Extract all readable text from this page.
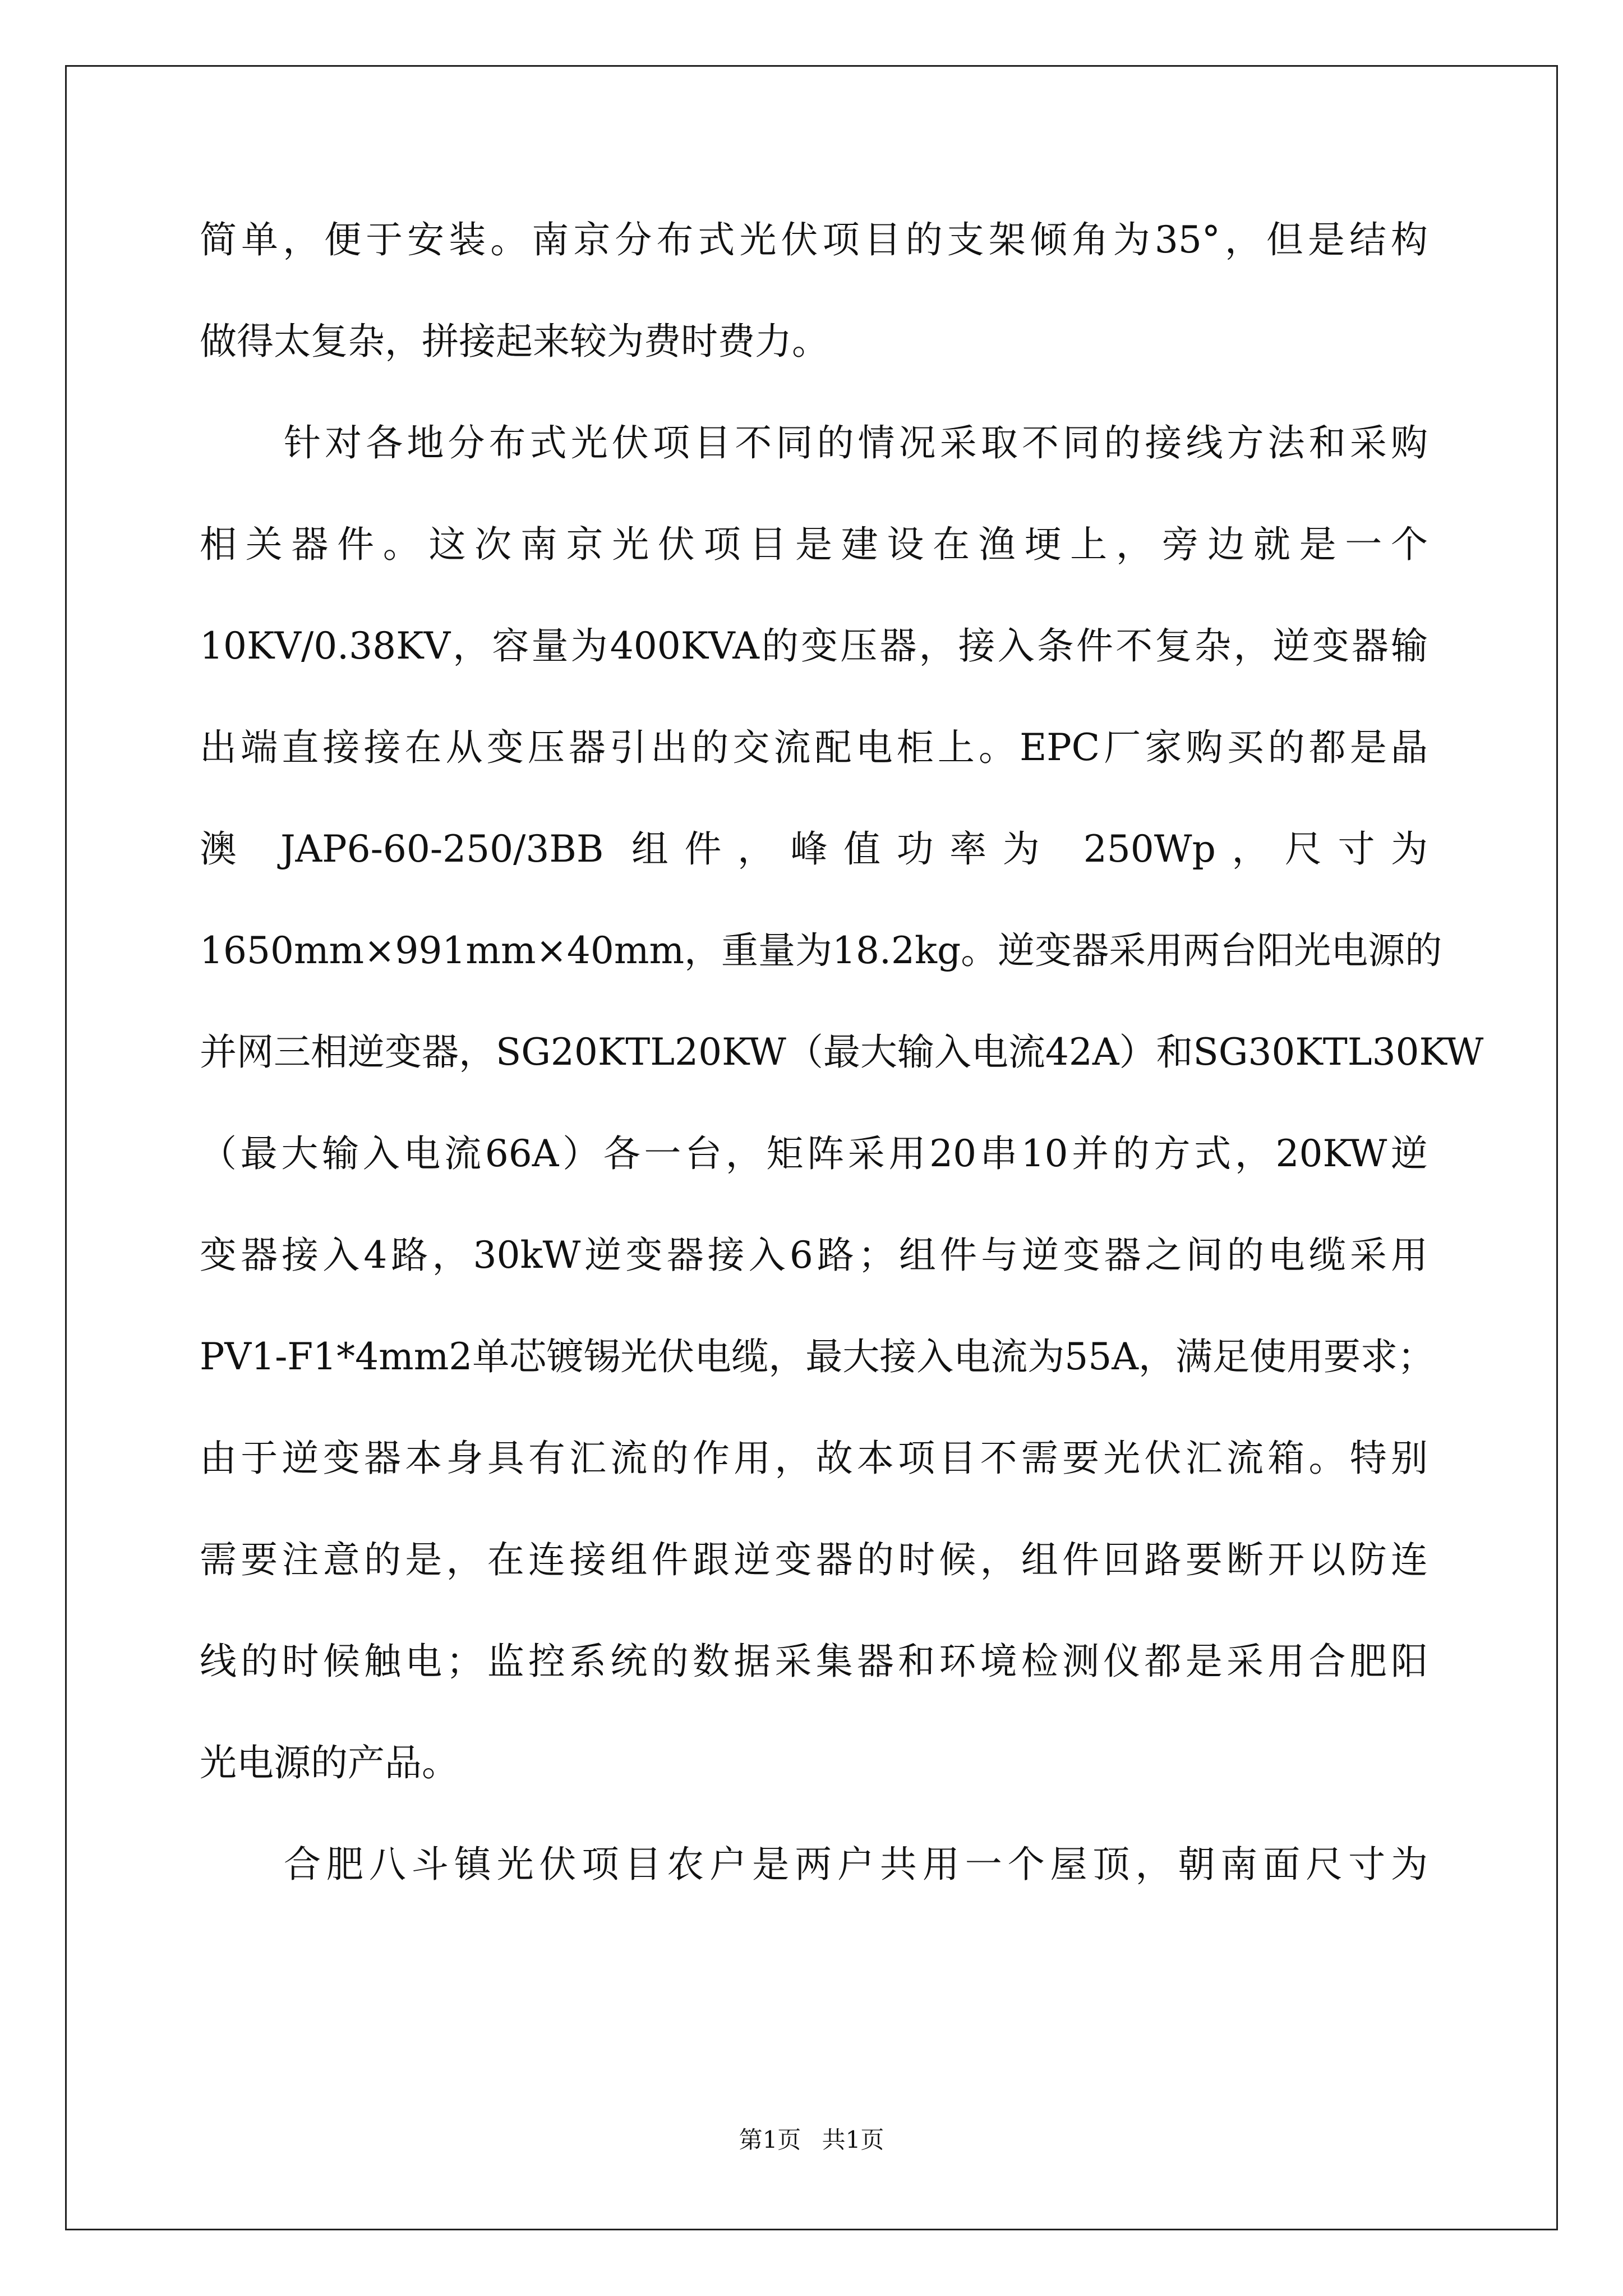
简单，便于安装。南京分布式光伏项目的支架倾角为35°，但是结构
做得太复杂，拼接起来较为费时费力。
针对各地分布式光伏项目不同的情况采取不同的接线方法和采购
相关器件。这次南京光伏项目是建设在渔埂上，旁边就是一个
10KV/0.38KV，容量为400KVA的变压器，接入条件不复杂，逆变器输
出端直接接在从变压器引出的交流配电柜上。EPC厂家购买的都是晶
澳 JAP6-60-250/3BB 组件，峰值功率为 250Wp，尺寸为
1650mm×991mm×40mm，重量为18.2kg。逆变器采用两台阳光电源的
并网三相逆变器，SG20KTL20KW（最大输入电流42A）和SG30KTL30KW
（最大输入电流66A）各一台，矩阵采用20串10并的方式，20KW逆
变器接入4路，30kW逆变器接入6路；组件与逆变器之间的电缆采用
PV1-F1*4mm2单芯镀锡光伏电缆，最大接入电流为55A，满足使用要求；
由于逆变器本身具有汇流的作用，故本项目不需要光伏汇流箱。特别
需要注意的是，在连接组件跟逆变器的时候，组件回路要断开以防连
线的时候触电；监控系统的数据采集器和环境检测仪都是采用合肥阳
光电源的产品。
合肥八斗镇光伏项目农户是两户共用一个屋顶，朝南面尺寸为
第1页 共1页
